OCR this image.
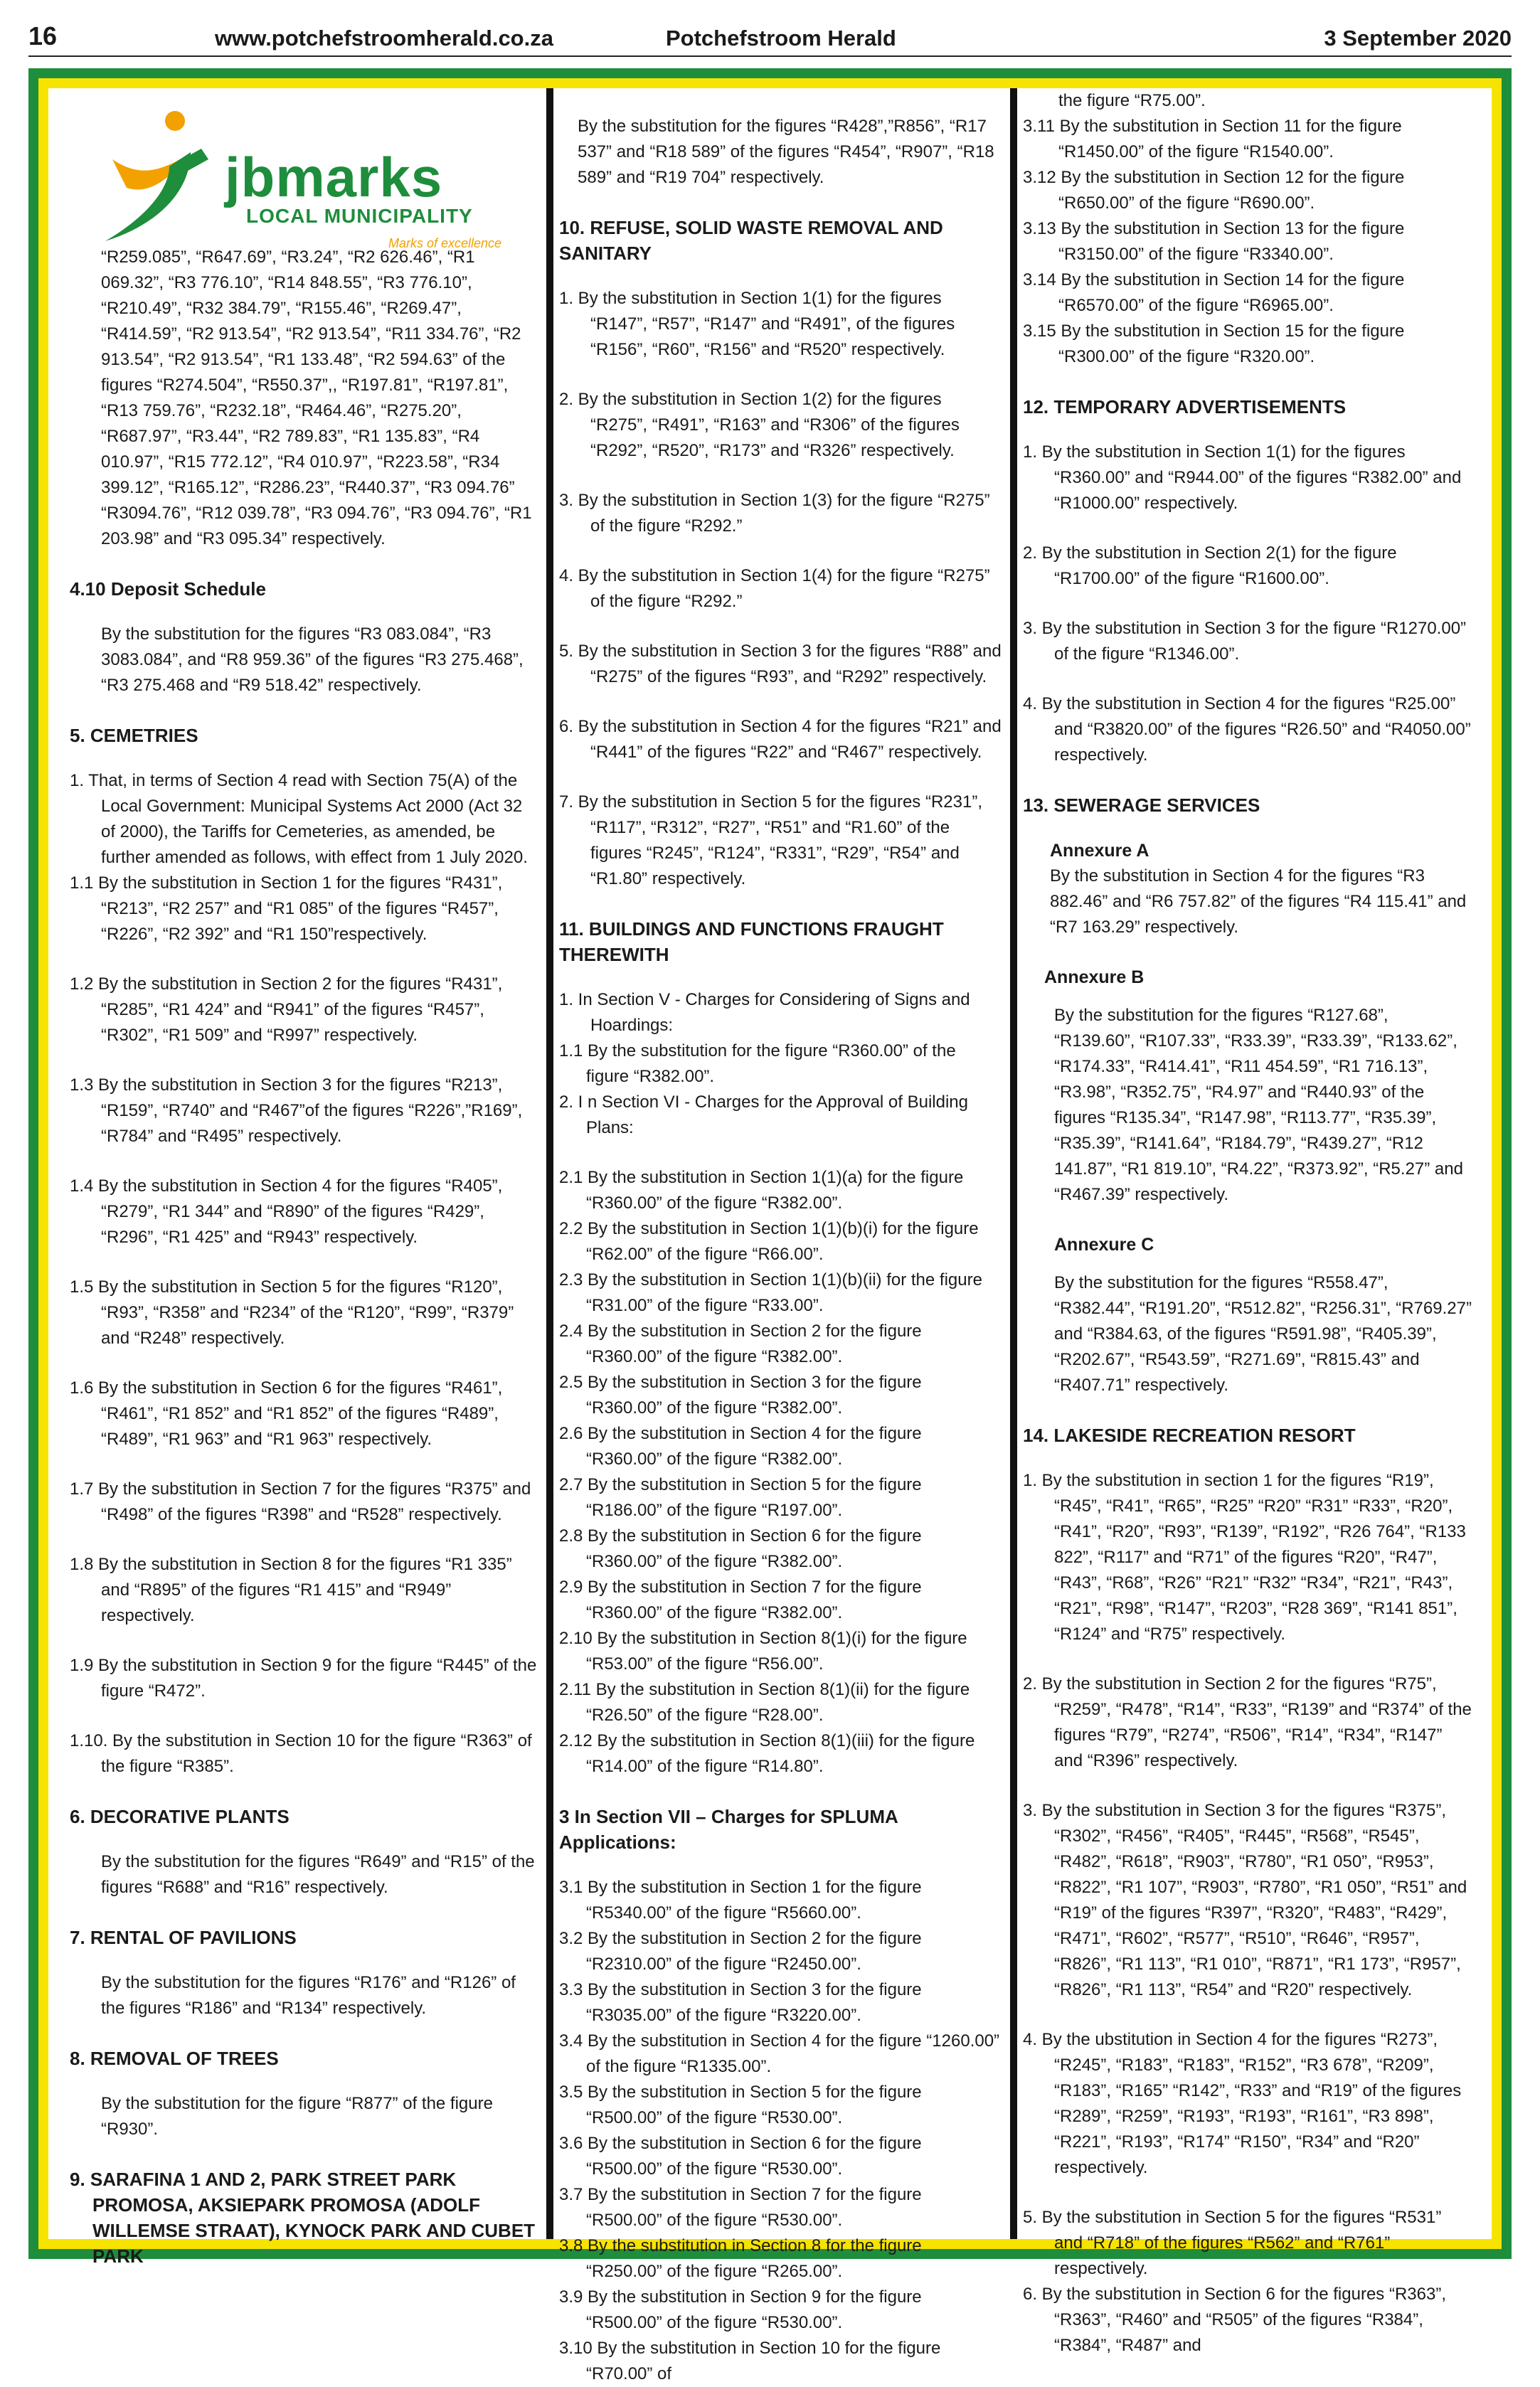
16	www.potchefstroomherald.co.za	Potchefstroom Herald	3 September 2020
jbmarks
LOCAL MUNICIPALITY
Marks of excellence

“R259.085”, “R647.69”, “R3.24”, “R2 626.46”, “R1 069.32”, “R3 776.10”, “R14 848.55”, “R3 776.10”, “R210.49”, “R32 384.79”, “R155.46”, “R269.47”, “R414.59”, “R2 913.54”, “R2 913.54”, “R11 334.76”, “R2 913.54”, “R2 913.54”, “R1 133.48”, “R2 594.63” of the figures “R274.504”, “R550.37”,, “R197.81”, “R197.81”, “R13 759.76”, “R232.18”, “R464.46”, “R275.20”, “R687.97”, “R3.44”, “R2 789.83”, “R1 135.83”, “R4 010.97”, “R15 772.12”, “R4 010.97”, “R223.58”, “R34 399.12”, “R165.12”, “R286.23”, “R440.37”, “R3 094.76” “R3094.76”, “R12 039.78”, “R3 094.76”, “R3 094.76”, “R1 203.98” and “R3 095.34” respectively.

4.10 Deposit Schedule

By the substitution for the figures “R3 083.084”, “R3 3083.084”, and “R8 959.36” of the figures “R3 275.468”, “R3 275.468 and “R9 518.42” respectively.

5. CEMETRIES

1. That, in terms of Section 4 read with Section 75(A) of the Local Government: Municipal Systems Act 2000 (Act 32 of 2000), the Tariffs for Cemeteries, as amended, be further amended as follows, with effect from 1 July 2020.

1.1 By the substitution in Section 1 for the figures “R431”, “R213”, “R2 257” and “R1 085” of the figures “R457”, “R226”, “R2 392” and “R1 150”respectively.

1.2 By the substitution in Section 2 for the figures “R431”, “R285”, “R1 424” and “R941” of the figures “R457”, “R302”, “R1 509” and “R997” respectively.

1.3 By the substitution in Section 3 for the figures “R213”, “R159”, “R740” and “R467”of the figures “R226”,”R169”, “R784” and “R495” respectively.

1.4 By the substitution in Section 4 for the figures “R405”, “R279”, “R1 344” and “R890” of the figures “R429”, “R296”, “R1 425” and “R943” respectively.

1.5 By the substitution in Section 5 for the figures “R120”, “R93”, “R358” and “R234” of the “R120”, “R99”, “R379” and “R248” respectively.

1.6 By the substitution in Section 6 for the figures “R461”, “R461”, “R1 852” and “R1 852” of the figures “R489”, “R489”, “R1 963” and “R1 963” respectively.

1.7 By the substitution in Section 7 for the figures “R375” and “R498” of the figures “R398” and “R528” respectively.

1.8 By the substitution in Section 8 for the figures “R1 335” and “R895” of the figures “R1 415” and “R949” respectively.

1.9 By the substitution in Section 9 for the figure “R445” of the figure “R472”.

1.10. By the substitution in Section 10 for the figure “R363” of the figure “R385”.

6. DECORATIVE PLANTS

By the substitution for the figures “R649” and “R15” of the figures “R688” and “R16” respectively.

7. RENTAL OF PAVILIONS

By the substitution for the figures “R176” and “R126” of the figures “R186” and “R134” respectively.

8. REMOVAL OF TREES

By the substitution for the figure “R877” of the figure “R930”.

9. SARAFINA 1 AND 2, PARK STREET PARK PROMOSA, AKSIEPARK PROMOSA (ADOLF WILLEMSE STRAAT), KYNOCK PARK AND CUBET PARK

By the substitution for the figures “R428”,”R856”, “R17 537” and “R18 589” of the figures “R454”, “R907”, “R18 589” and “R19 704” respectively.

10. REFUSE, SOLID WASTE REMOVAL AND SANITARY

1. By the substitution in Section 1(1) for the figures “R147”, “R57”, “R147” and “R491”, of the figures “R156”, “R60”, “R156” and “R520” respectively.

2. By the substitution in Section 1(2) for the figures “R275”, “R491”, “R163” and “R306” of the figures “R292”, “R520”, “R173” and “R326” respectively.

3. By the substitution in Section 1(3) for the figure “R275” of the figure “R292.”

4. By the substitution in Section 1(4) for the figure “R275” of the figure “R292.”

5. By the substitution in Section 3 for the figures “R88” and “R275” of the figures “R93”, and “R292” respectively.

6. By the substitution in Section 4 for the figures “R21” and “R441” of the figures “R22” and “R467” respectively.

7. By the substitution in Section 5 for the figures “R231”, “R117”, “R312”, “R27”, “R51” and “R1.60” of the figures “R245”, “R124”, “R331”, “R29”, “R54” and “R1.80” respectively.

11. BUILDINGS AND FUNCTIONS FRAUGHT THEREWITH

1. In Section V - Charges for Considering of Signs and Hoardings:

1.1 By the substitution for the figure “R360.00” of the figure “R382.00”.

2. I n Section VI - Charges for the Approval of Building Plans:

2.1 By the substitution in Section 1(1)(a) for the figure “R360.00” of the figure “R382.00”.

2.2 By the substitution in Section 1(1)(b)(i) for the figure “R62.00” of the figure “R66.00”.

2.3 By the substitution in Section 1(1)(b)(ii) for the figure “R31.00” of the figure “R33.00”.

2.4 By the substitution in Section 2 for the figure “R360.00” of the figure “R382.00”.

2.5 By the substitution in Section 3 for the figure “R360.00” of the figure “R382.00”.

2.6 By the substitution in Section 4 for the figure “R360.00” of the figure “R382.00”.

2.7 By the substitution in Section 5 for the figure “R186.00” of the figure “R197.00”.

2.8 By the substitution in Section 6 for the figure “R360.00” of the figure “R382.00”.

2.9 By the substitution in Section 7 for the figure “R360.00” of the figure “R382.00”.

2.10 By the substitution in Section 8(1)(i) for the figure “R53.00” of the figure “R56.00”.

2.11 By the substitution in Section 8(1)(ii) for the figure “R26.50” of the figure “R28.00”.

2.12 By the substitution in Section 8(1)(iii) for the figure “R14.00” of the figure “R14.80”.

3 In Section VII – Charges for SPLUMA Applications:

3.1 By the substitution in Section 1 for the figure “R5340.00” of the figure “R5660.00”.

3.2 By the substitution in Section 2 for the figure “R2310.00” of the figure “R2450.00”.

3.3 By the substitution in Section 3 for the figure “R3035.00” of the figure “R3220.00”.

3.4 By the substitution in Section 4 for the figure “1260.00” of the figure “R1335.00”.

3.5 By the substitution in Section 5 for the figure “R500.00” of the figure “R530.00”.

3.6 By the substitution in Section 6 for the figure “R500.00” of the figure “R530.00”.

3.7 By the substitution in Section 7 for the figure “R500.00” of the figure “R530.00”.

3.8 By the substitution in Section 8 for the figure “R250.00” of the figure “R265.00”.

3.9 By the substitution in Section 9 for the figure “R500.00” of the figure “R530.00”.

3.10 By the substitution in Section 10 for the figure “R70.00” of

the figure “R75.00”.

3.11 By the substitution in Section 11 for the figure “R1450.00” of the figure “R1540.00”.

3.12 By the substitution in Section 12 for the figure “R650.00” of the figure “R690.00”.

3.13 By the substitution in Section 13 for the figure “R3150.00” of the figure “R3340.00”.

3.14 By the substitution in Section 14 for the figure “R6570.00” of the figure “R6965.00”.

3.15 By the substitution in Section 15 for the figure “R300.00” of the figure “R320.00”.

12. TEMPORARY ADVERTISEMENTS

1. By the substitution in Section 1(1) for the figures “R360.00” and “R944.00” of the figures “R382.00” and “R1000.00” respectively.

2. By the substitution in Section 2(1) for the figure “R1700.00” of the figure “R1600.00”.

3. By the substitution in Section 3 for the figure “R1270.00” of the figure “R1346.00”.

4. By the substitution in Section 4 for the figures “R25.00” and “R3820.00” of the figures “R26.50” and “R4050.00” respectively.

13. SEWERAGE SERVICES
Annexure A

By the substitution in Section 4 for the figures “R3 882.46” and “R6 757.82” of the figures “R4 115.41” and “R7 163.29” respectively.

Annexure B

By the substitution for the figures “R127.68”, “R139.60”, “R107.33”, “R33.39”, “R33.39”, “R133.62”, “R174.33”, “R414.41”, “R11 454.59”, “R1 716.13”, “R3.98”, “R352.75”, “R4.97” and “R440.93” of the figures “R135.34”, “R147.98”, “R113.77”, “R35.39”, “R35.39”, “R141.64”, “R184.79”, “R439.27”, “R12 141.87”, “R1 819.10”, “R4.22”, “R373.92”, “R5.27” and “R467.39” respectively.

Annexure C

By the substitution for the figures “R558.47”, “R382.44”, “R191.20”, “R512.82”, “R256.31”, “R769.27” and “R384.63, of the figures “R591.98”, “R405.39”, “R202.67”, “R543.59”, “R271.69”, “R815.43” and “R407.71” respectively.

14. LAKESIDE RECREATION RESORT

1. By the substitution in section 1 for the figures “R19”, “R45”, “R41”, “R65”, “R25” “R20” “R31” “R33”, “R20”, “R41”, “R20”, “R93”, “R139”, “R192”, “R26 764”, “R133 822”, “R117” and “R71” of the figures “R20”, “R47”, “R43”, “R68”, “R26” “R21” “R32” “R34”, “R21”, “R43”, “R21”, “R98”, “R147”, “R203”, “R28 369”, “R141 851”, “R124” and “R75” respectively.

2. By the substitution in Section 2 for the figures “R75”, “R259”, “R478”, “R14”, “R33”, “R139” and “R374” of the figures “R79”, “R274”, “R506”, “R14”, “R34”, “R147” and “R396” respectively.

3. By the substitution in Section 3 for the figures “R375”, “R302”, “R456”, “R405”, “R445”, “R568”, “R545”, “R482”, “R618”, “R903”, “R780”, “R1 050”, “R953”, “R822”, “R1 107”, “R903”, “R780”, “R1 050”, “R51” and “R19” of the figures “R397”, “R320”, “R483”, “R429”, “R471”, “R602”, “R577”, “R510”, “R646”, “R957”, “R826”, “R1 113”, “R1 010”, “R871”, “R1 173”, “R957”, “R826”, “R1 113”, “R54” and “R20” respectively.

4. By the ubstitution in Section 4 for the figures “R273”, “R245”, “R183”, “R183”, “R152”, “R3 678”, “R209”, “R183”, “R165” “R142”, “R33” and “R19” of the figures “R289”, “R259”, “R193”, “R193”, “R161”, “R3 898”, “R221”, “R193”, “R174” “R150”, “R34” and “R20” respectively.

5. By the substitution in Section 5 for the figures “R531” and “R718” of the figures “R562” and “R761” respectively.

6. By the substitution in Section 6 for the figures “R363”, “R363”, “R460” and “R505” of the figures “R384”, “R384”, “R487” and
